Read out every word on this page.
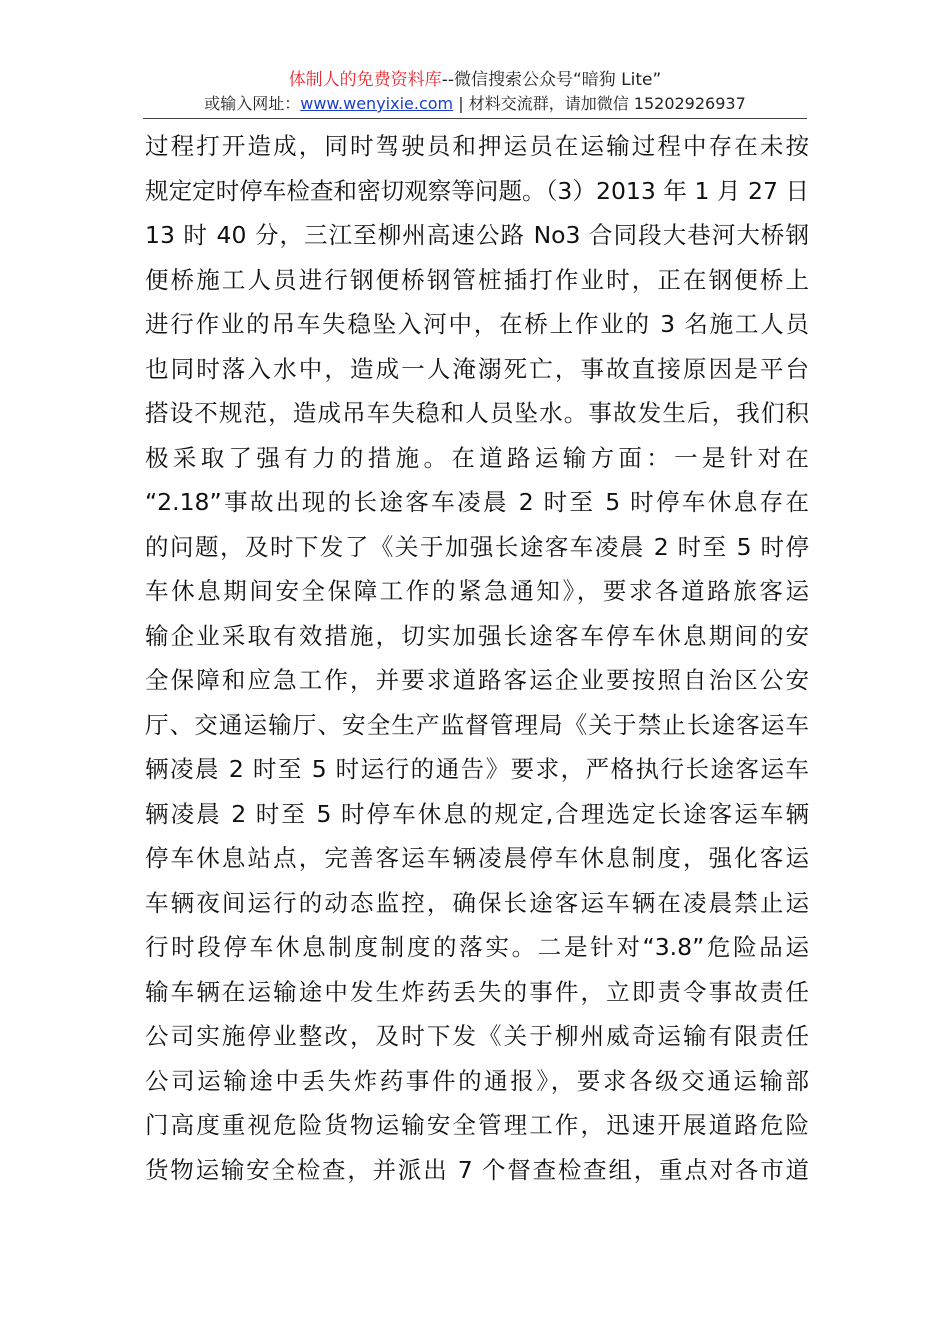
体制人的免费资料库--微信搜索公众号“暗狗 Lite”
或输入网址：www.wenyixie.com | 材料交流群，请加微信 15202926937
过程打开造成，同时驾驶员和押运员在运输过程中存在未按
规定定时停车检查和密切观察等问题。（3）2013 年 1 月 27 日
13 时 40 分，三江至柳州高速公路 No3 合同段大巷河大桥钢
便桥施工人员进行钢便桥钢管桩插打作业时，正在钢便桥上
进行作业的吊车失稳坠入河中，在桥上作业的 3 名施工人员
也同时落入水中，造成一人淹溺死亡，事故直接原因是平台
搭设不规范，造成吊车失稳和人员坠水。事故发生后，我们积
极采取了强有力的措施。在道路运输方面：一是针对在
“2.18”事故出现的长途客车凌晨 2 时至 5 时停车休息存在
的问题，及时下发了《关于加强长途客车凌晨 2 时至 5 时停
车休息期间安全保障工作的紧急通知》，要求各道路旅客运
输企业采取有效措施，切实加强长途客车停车休息期间的安
全保障和应急工作，并要求道路客运企业要按照自治区公安
厅、交通运输厅、安全生产监督管理局《关于禁止长途客运车
辆凌晨 2 时至 5 时运行的通告》要求，严格执行长途客运车
辆凌晨 2 时至 5 时停车休息的规定,合理选定长途客运车辆
停车休息站点，完善客运车辆凌晨停车休息制度，强化客运
车辆夜间运行的动态监控，确保长途客运车辆在凌晨禁止运
行时段停车休息制度制度的落实。二是针对“3.8”危险品运
输车辆在运输途中发生炸药丢失的事件，立即责令事故责任
公司实施停业整改，及时下发《关于柳州威奇运输有限责任
公司运输途中丢失炸药事件的通报》，要求各级交通运输部
门高度重视危险货物运输安全管理工作，迅速开展道路危险
货物运输安全检查，并派出 7 个督查检查组，重点对各市道
